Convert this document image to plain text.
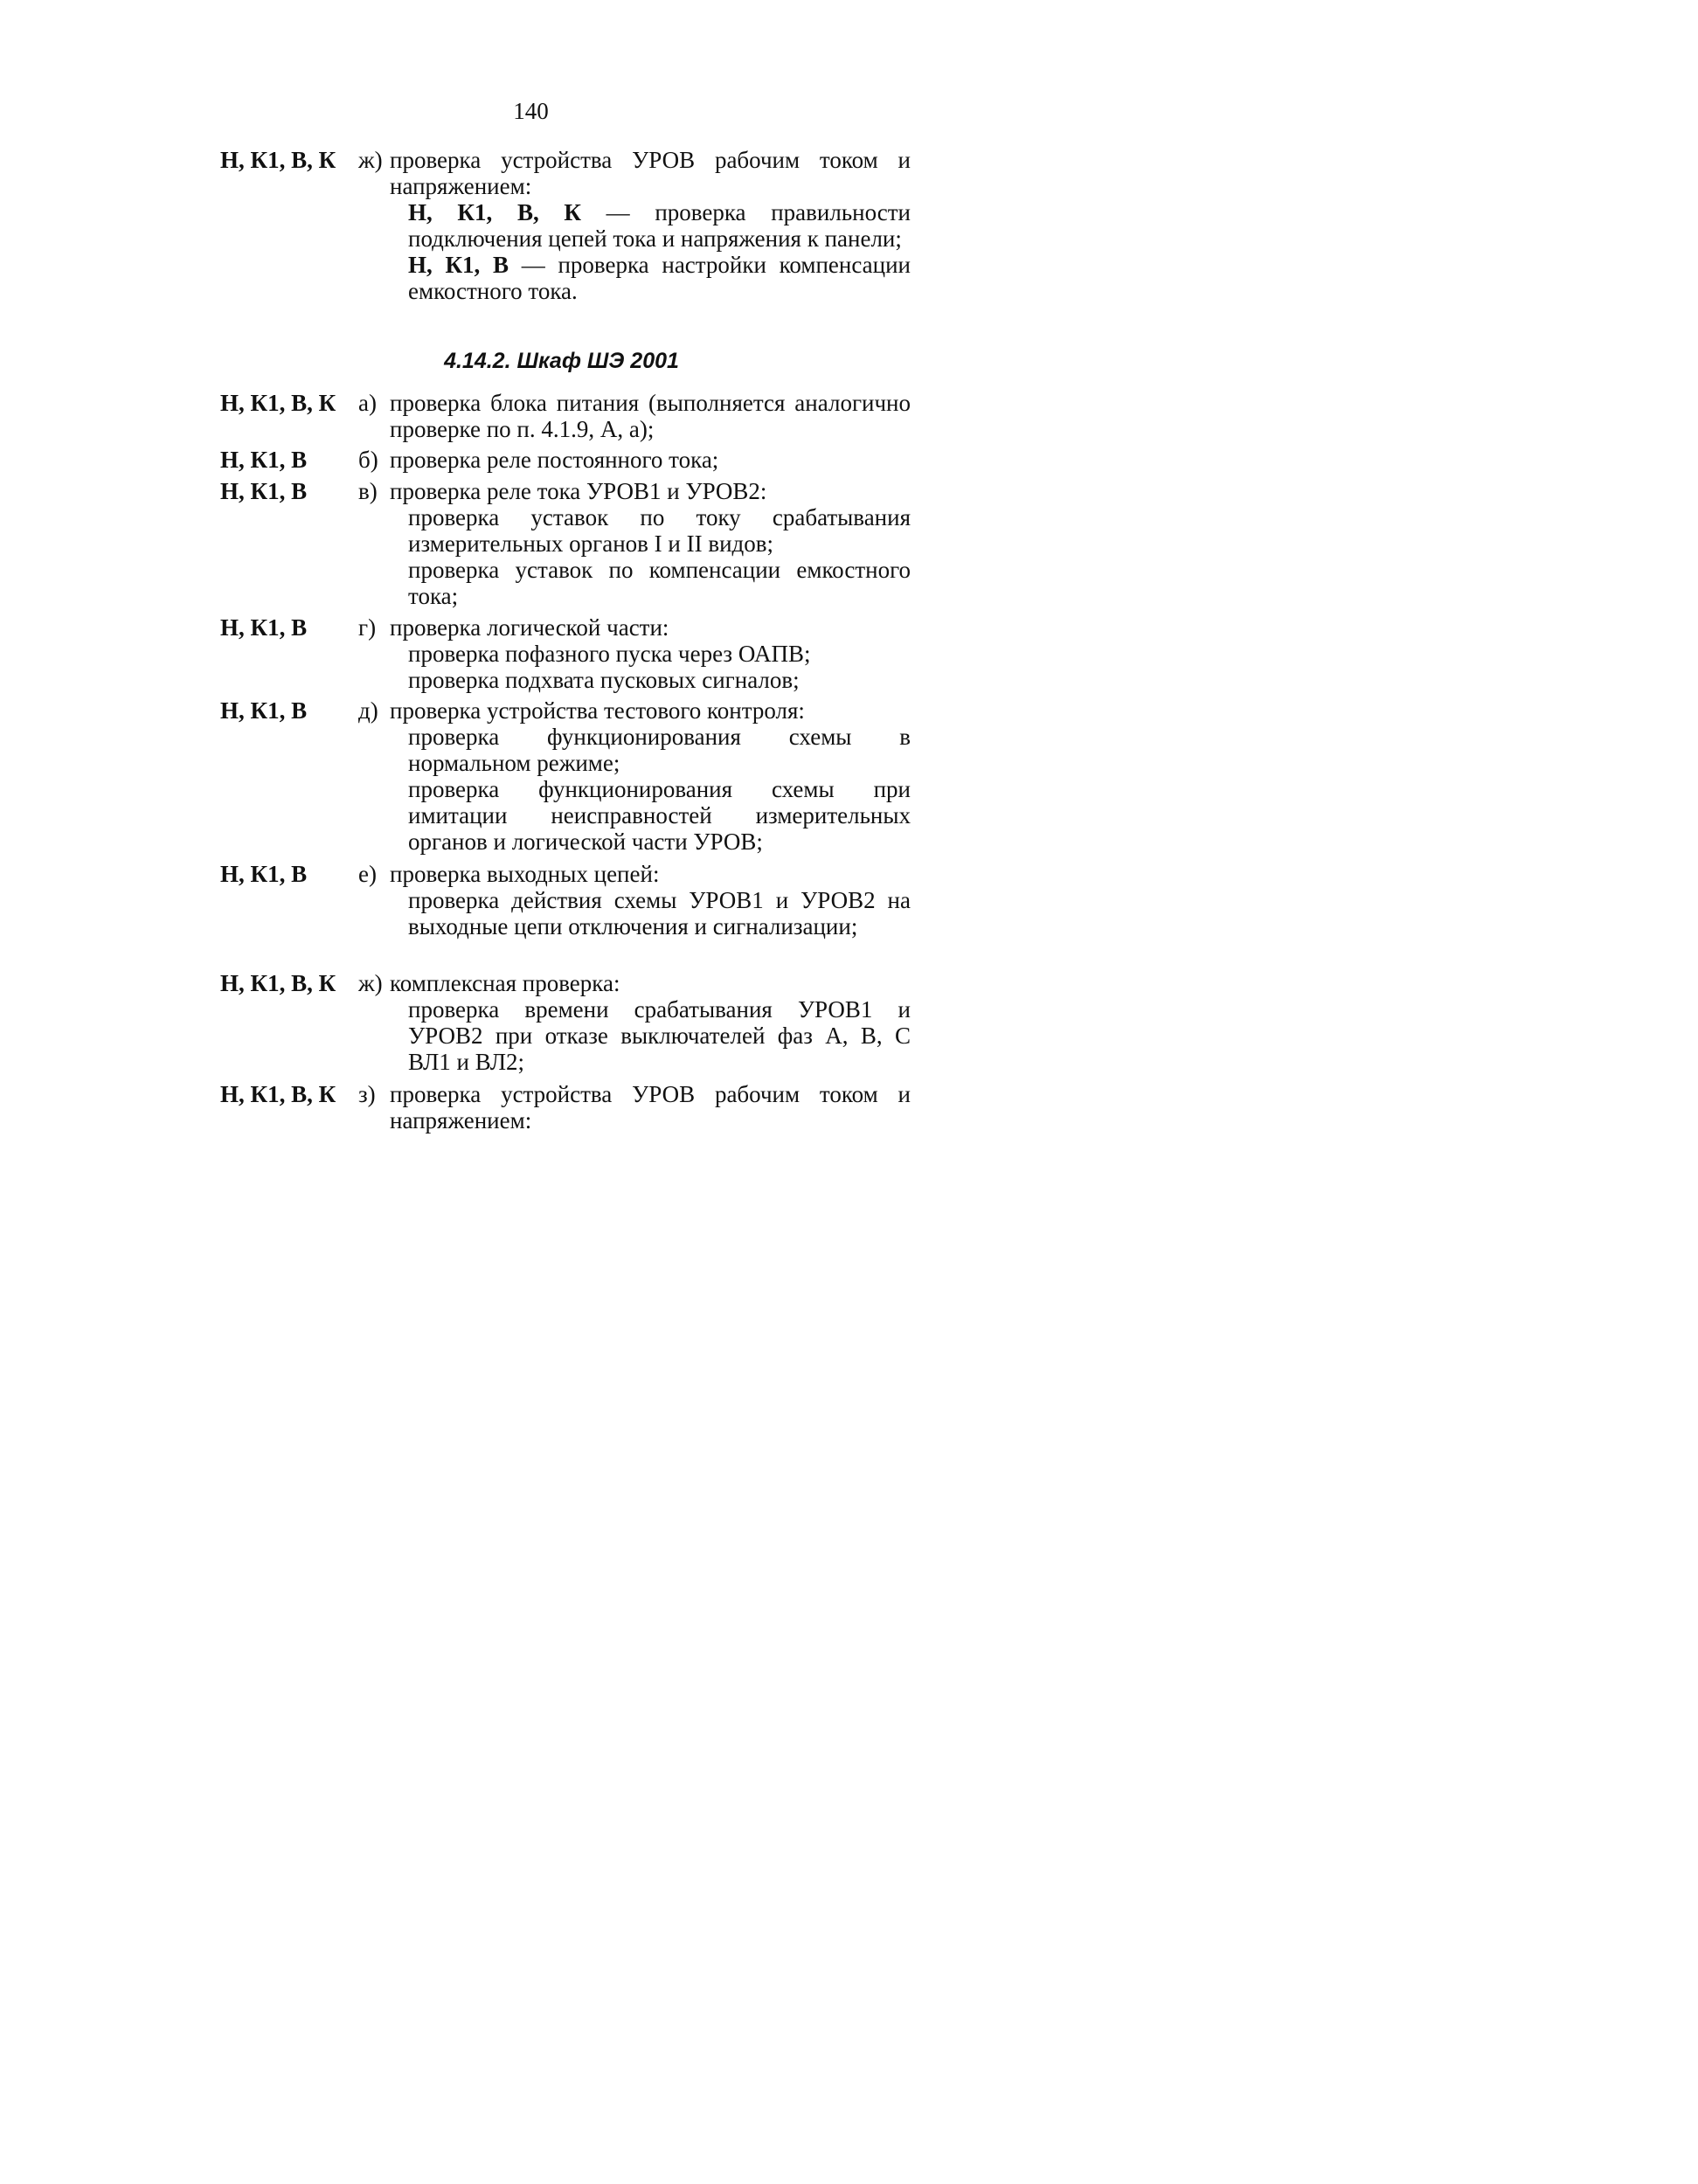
140
Н, К1, В, К ж) проверка устройства УРОВ рабочим током и напряжением:
Н, К1, В, К — проверка правильности подключения цепей тока и напряжения к панели;
Н, К1, В — проверка настройки компенсации емкостного тока.
4.14.2. Шкаф ШЭ 2001
Н, К1, В, К а) проверка блока питания (выполняется аналогично проверке по п. 4.1.9, А, а);
Н, К1, В б) проверка реле постоянного тока;
Н, К1, В в) проверка реле тока УРОВ1 и УРОВ2:
проверка уставок по току срабатывания измерительных органов I и II видов;
проверка уставок по компенсации емкостного тока;
Н, К1, В г) проверка логической части:
проверка пофазного пуска через ОАПВ;
проверка подхвата пусковых сигналов;
Н, К1, В д) проверка устройства тестового контроля:
проверка функционирования схемы в нормальном режиме;
проверка функционирования схемы при имитации неисправностей измерительных органов и логической части УРОВ;
Н, К1, В е) проверка выходных цепей:
проверка действия схемы УРОВ1 и УРОВ2 на выходные цепи отключения и сигнализации;
Н, К1, В, К ж) комплексная проверка:
проверка времени срабатывания УРОВ1 и УРОВ2 при отказе выключателей фаз А, В, С ВЛ1 и ВЛ2;
Н, К1, В, К з) проверка устройства УРОВ рабочим током и напряжением:
